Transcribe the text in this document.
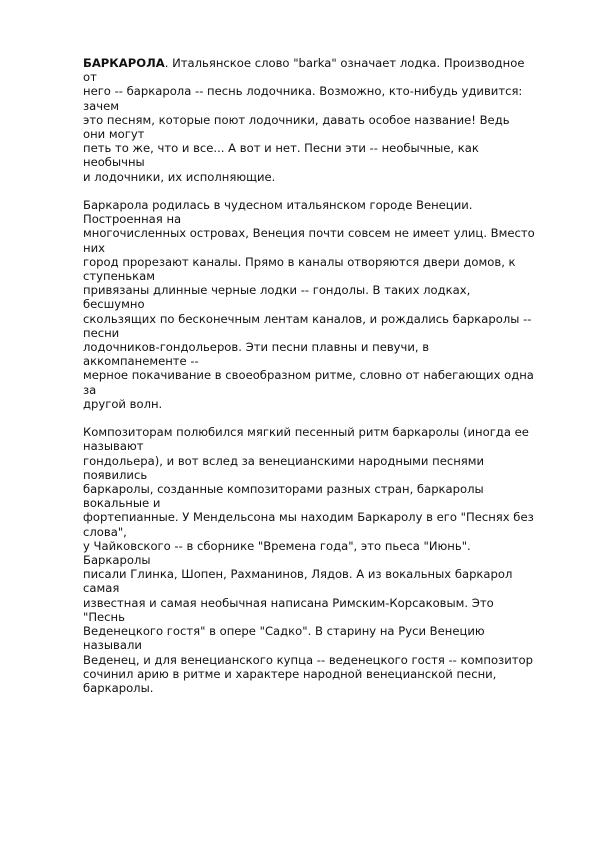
БАРКАРОЛА. Итальянское слово "barka" означает лодка. Производное
от
него -- баркарола -- песнь лодочника. Возможно, кто-нибудь удивится:
зачем
это песням, которые поют лодочники, давать особое название! Ведь
они могут
петь то же, что и все... А вот и нет. Песни эти -- необычные, как
необычны
и лодочники, их исполняющие.

Баркарола родилась в чудесном итальянском городе Венеции.
Построенная на
многочисленных островах, Венеция почти совсем не имеет улиц. Вместо
них
город прорезают каналы. Прямо в каналы отворяются двери домов, к
ступенькам
привязаны длинные черные лодки -- гондолы. В таких лодках,
бесшумно
скользящих по бесконечным лентам каналов, и рождались баркаролы --
песни
лодочников-гондольеров. Эти песни плавны и певучи, в
аккомпанементе --
мерное покачивание в своеобразном ритме, словно от набегающих одна
за
другой волн.

Композиторам полюбился мягкий песенный ритм баркаролы (иногда ее
называют
гондольера), и вот вслед за венецианскими народными песнями
появились
баркаролы, созданные композиторами разных стран, баркаролы
вокальные и
фортепианные. У Мендельсона мы находим Баркаролу в его "Песнях без
слова",
у Чайковского -- в сборнике "Времена года", это пьеса "Июнь".
Баркаролы
писали Глинка, Шопен, Рахманинов, Лядов. А из вокальных баркарол
самая
известная и самая необычная написана Римским-Корсаковым. Это
"Песнь
Веденецкого гостя" в опере "Садко". В старину на Руси Венецию
называли
Веденец, и для венецианского купца -- веденецкого гостя -- композитор
сочинил арию в ритме и характере народной венецианской песни,
баркаролы.
